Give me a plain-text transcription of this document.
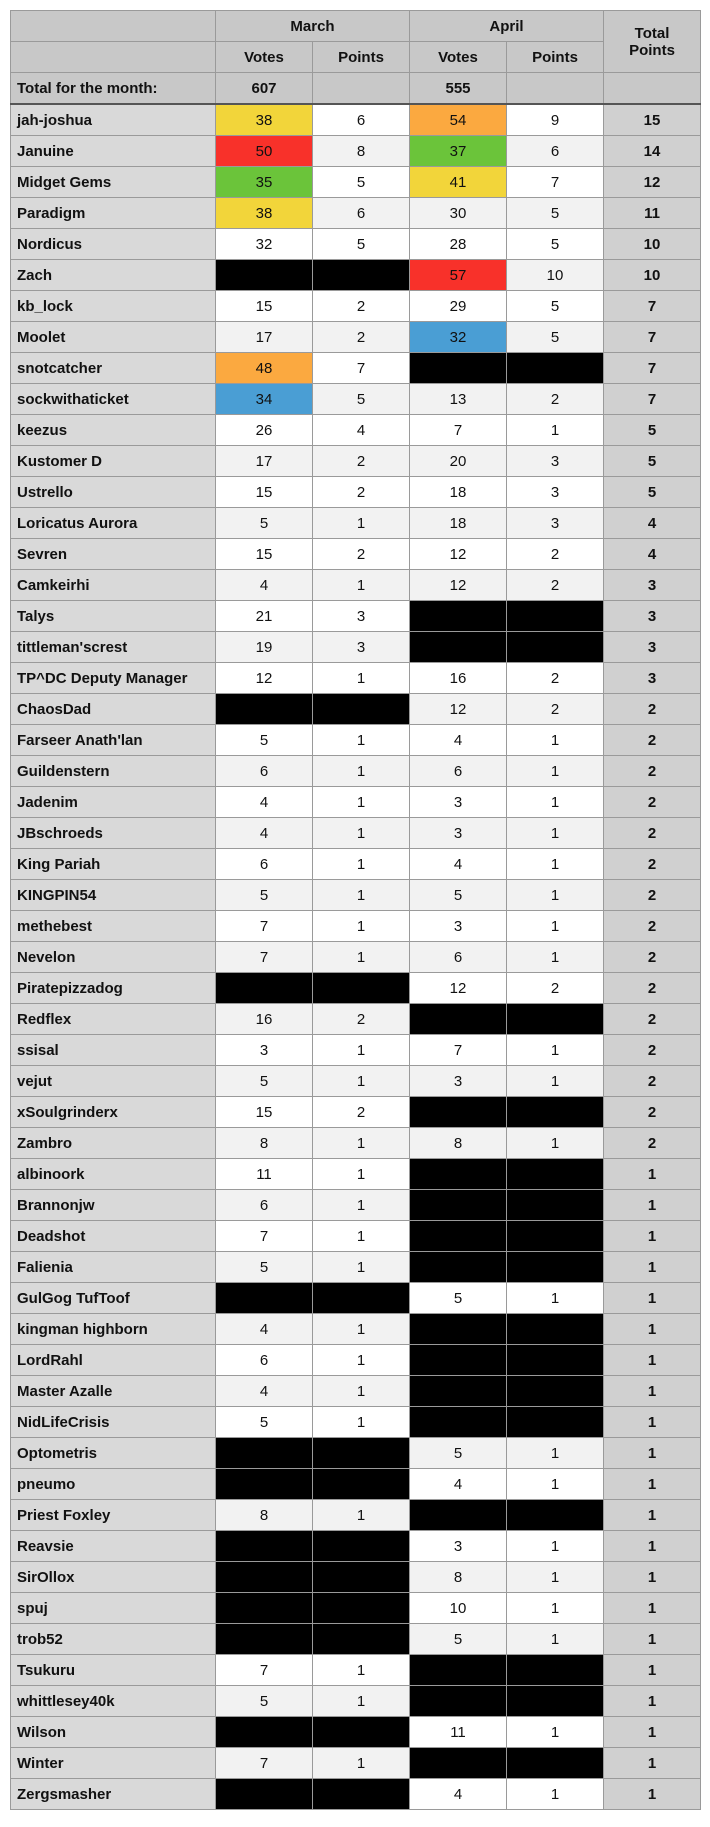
	March		April		Total
Points
	Votes	Points	Votes	Points	
Total for the month:	607		555		
jah-joshua	38	6	54	9	15
Januine	50	8	37	6	14
Midget Gems	35	5	41	7	12
Paradigm	38	6	30	5	11
Nordicus	32	5	28	5	10
Zach			57	10	10
kb_lock	15	2	29	5	7
Moolet	17	2	32	5	7
snotcatcher	48	7			7
sockwithaticket	34	5	13	2	7
keezus	26	4	7	1	5
Kustomer D	17	2	20	3	5
Ustrello	15	2	18	3	5
Loricatus Aurora	5	1	18	3	4
Sevren	15	2	12	2	4
Camkeirhi	4	1	12	2	3
Talys	21	3			3
tittleman'screst	19	3			3
TP^DC Deputy Manager	12	1	16	2	3
ChaosDad			12	2	2
Farseer Anath'lan	5	1	4	1	2
Guildenstern	6	1	6	1	2
Jadenim	4	1	3	1	2
JBschroeds	4	1	3	1	2
King Pariah	6	1	4	1	2
KINGPIN54	5	1	5	1	2
methebest	7	1	3	1	2
Nevelon	7	1	6	1	2
Piratepizzadog			12	2	2
Redflex	16	2			2
ssisal	3	1	7	1	2
vejut	5	1	3	1	2
xSoulgrinderx	15	2			2
Zambro	8	1	8	1	2
albinoork	11	1			1
Brannonjw	6	1			1
Deadshot	7	1			1
Falienia	5	1			1
GulGog TufToof			5	1	1
kingman highborn	4	1			1
LordRahl	6	1			1
Master Azalle	4	1			1
NidLifeCrisis	5	1			1
Optometris			5	1	1
pneumo			4	1	1
Priest Foxley	8	1			1
Reavsie			3	1	1
SirOllox			8	1	1
spuj			10	1	1
trob52			5	1	1
Tsukuru	7	1			1
whittlesey40k	5	1			1
Wilson			11	1	1
Winter	7	1			1
Zergsmasher			4	1	1
